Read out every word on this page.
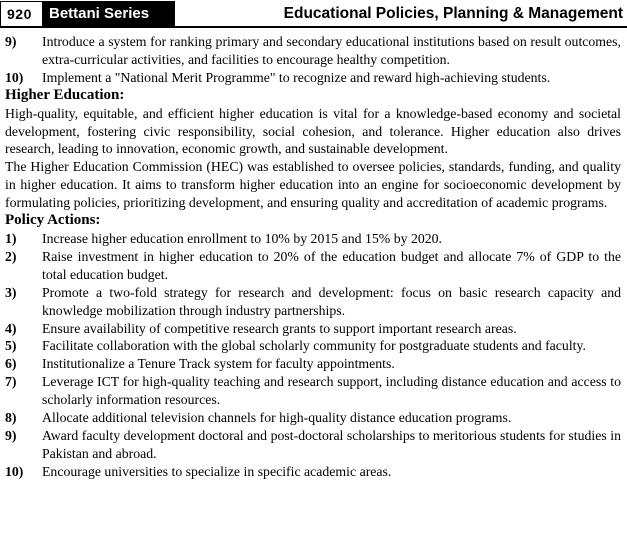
920	Bettani Series	Educational Policies, Planning & Management
9)	Introduce a system for ranking primary and secondary educational institutions based on result outcomes, extra-curricular activities, and facilities to encourage healthy competition.
10)	Implement a "National Merit Programme" to recognize and reward high-achieving students.
Higher Education:

High-quality, equitable, and efficient higher education is vital for a knowledge-based economy and societal development, fostering civic responsibility, social cohesion, and tolerance. Higher education also drives research, leading to innovation, economic growth, and sustainable development.

The Higher Education Commission (HEC) was established to oversee policies, standards, funding, and quality in higher education. It aims to transform higher education into an engine for socioeconomic development by formulating policies, prioritizing development, and ensuring quality and accreditation of academic programs.

Policy Actions:
1)	Increase higher education enrollment to 10% by 2015 and 15% by 2020.
2)	Raise investment in higher education to 20% of the education budget and allocate 7% of GDP to the total education budget.
3)	Promote a two-fold strategy for research and development: focus on basic research capacity and knowledge mobilization through industry partnerships.
4)	Ensure availability of competitive research grants to support important research areas.
5)	Facilitate collaboration with the global scholarly community for postgraduate students and faculty.
6)	Institutionalize a Tenure Track system for faculty appointments.
7)	Leverage ICT for high-quality teaching and research support, including distance education and access to scholarly information resources.
8)	Allocate additional television channels for high-quality distance education programs.
9)	Award faculty development doctoral and post-doctoral scholarships to meritorious students for studies in Pakistan and abroad.
10)	Encourage universities to specialize in specific academic areas.
